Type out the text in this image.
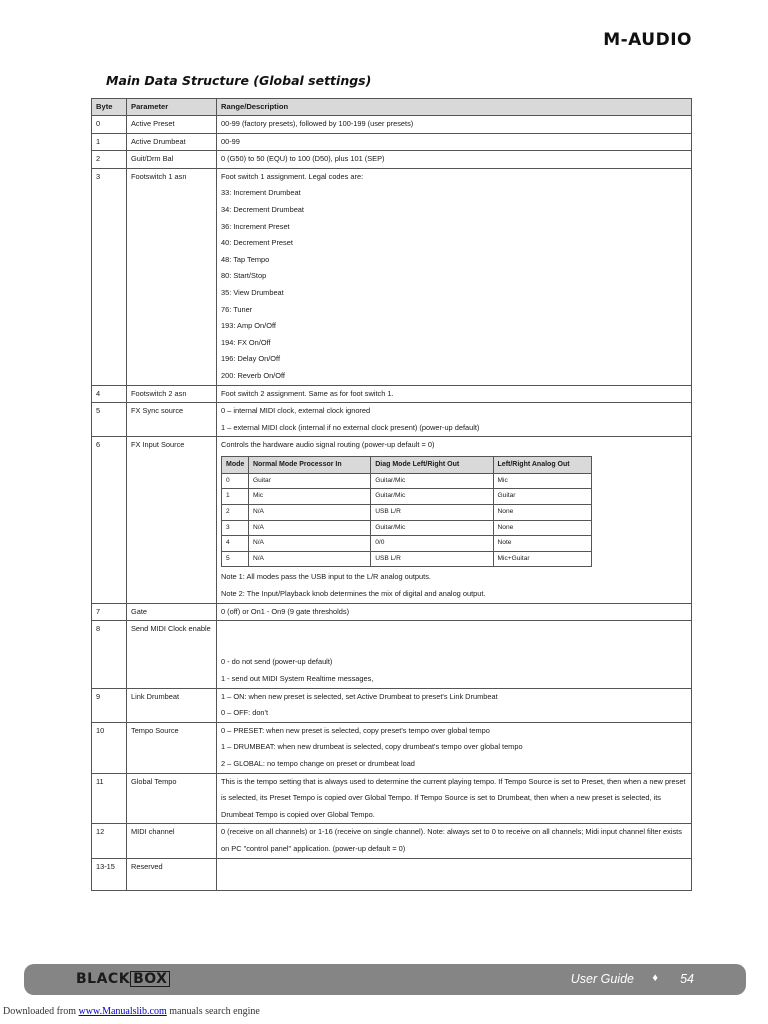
M-AUDIO
Main Data Structure (Global settings)
Byte	Parameter	Range/Description
0	Active Preset	00-99 (factory presets), followed by 100-199 (user presets)

1	Active Drumbeat	00-99

2	Guit/Drm Bal	0 (G50) to 50 (EQU) to 100 (D50), plus 101 (SEP)

3	Footswitch 1 asn	Foot switch 1 assignment. Legal codes are:
33: Increment Drumbeat
34: Decrement Drumbeat
36: Increment Preset
40: Decrement Preset
48: Tap Tempo
80: Start/Stop
35: View Drumbeat
76: Tuner
193: Amp On/Off
194: FX On/Off
196: Delay On/Off
200: Reverb On/Off

4	Footswitch 2 asn	Foot switch 2 assignment. Same as for foot switch 1.

5	FX Sync source	0 – internal MIDI clock, external clock ignored
1 – external MIDI clock (internal if no external clock present) (power-up default)

6	FX Input Source	Controls the hardware audio signal routing (power-up default = 0)
Mode	Normal Mode Processor In	Diag Mode Left/Right Out	Left/Right Analog Out
0	Guitar	Guitar/Mic	Mic
1	Mic	Guitar/Mic	Guitar
2	N/A	USB L/R	None
3	N/A	Guitar/Mic	None
4	N/A	0/0	Note
5	N/A	USB L/R	Mic+Guitar
Note 1: All modes pass the USB input to the L/R analog outputs.
Note 2: The Input/Playback knob determines the mix of digital and analog output.

7	Gate	0 (off) or On1 - On9 (9 gate thresholds)

8	Send MIDI Clock enable	

0 - do not send (power-up default)
1 - send out MIDI System Realtime messages,

9	Link Drumbeat	1 – ON: when new preset is selected, set Active Drumbeat to preset's Link Drumbeat
0 – OFF: don't

10	Tempo Source	0 – PRESET: when new preset is selected, copy preset's tempo over global tempo
1 – DRUMBEAT: when new drumbeat is selected, copy drumbeat's tempo over global tempo
2 – GLOBAL: no tempo change on preset or drumbeat load

11	Global Tempo	This is the tempo setting that is always used to determine the current playing tempo. If Tempo Source is set to Preset, then when a new preset is selected, its Preset Tempo is copied over Global Tempo. If Tempo Source is set to Drumbeat, then when a new preset is selected, its Drumbeat Tempo is copied over Global Tempo.

12	MIDI channel	0 (receive on all channels) or 1-16 (receive on single channel). Note: always set to 0 to receive on all channels; Midi input channel filter exists on PC "control panel" application. (power-up default = 0)

13-15	Reserved	
BLACK BOX	User Guide ♦ 54
Downloaded from www.Manualslib.com manuals search engine
